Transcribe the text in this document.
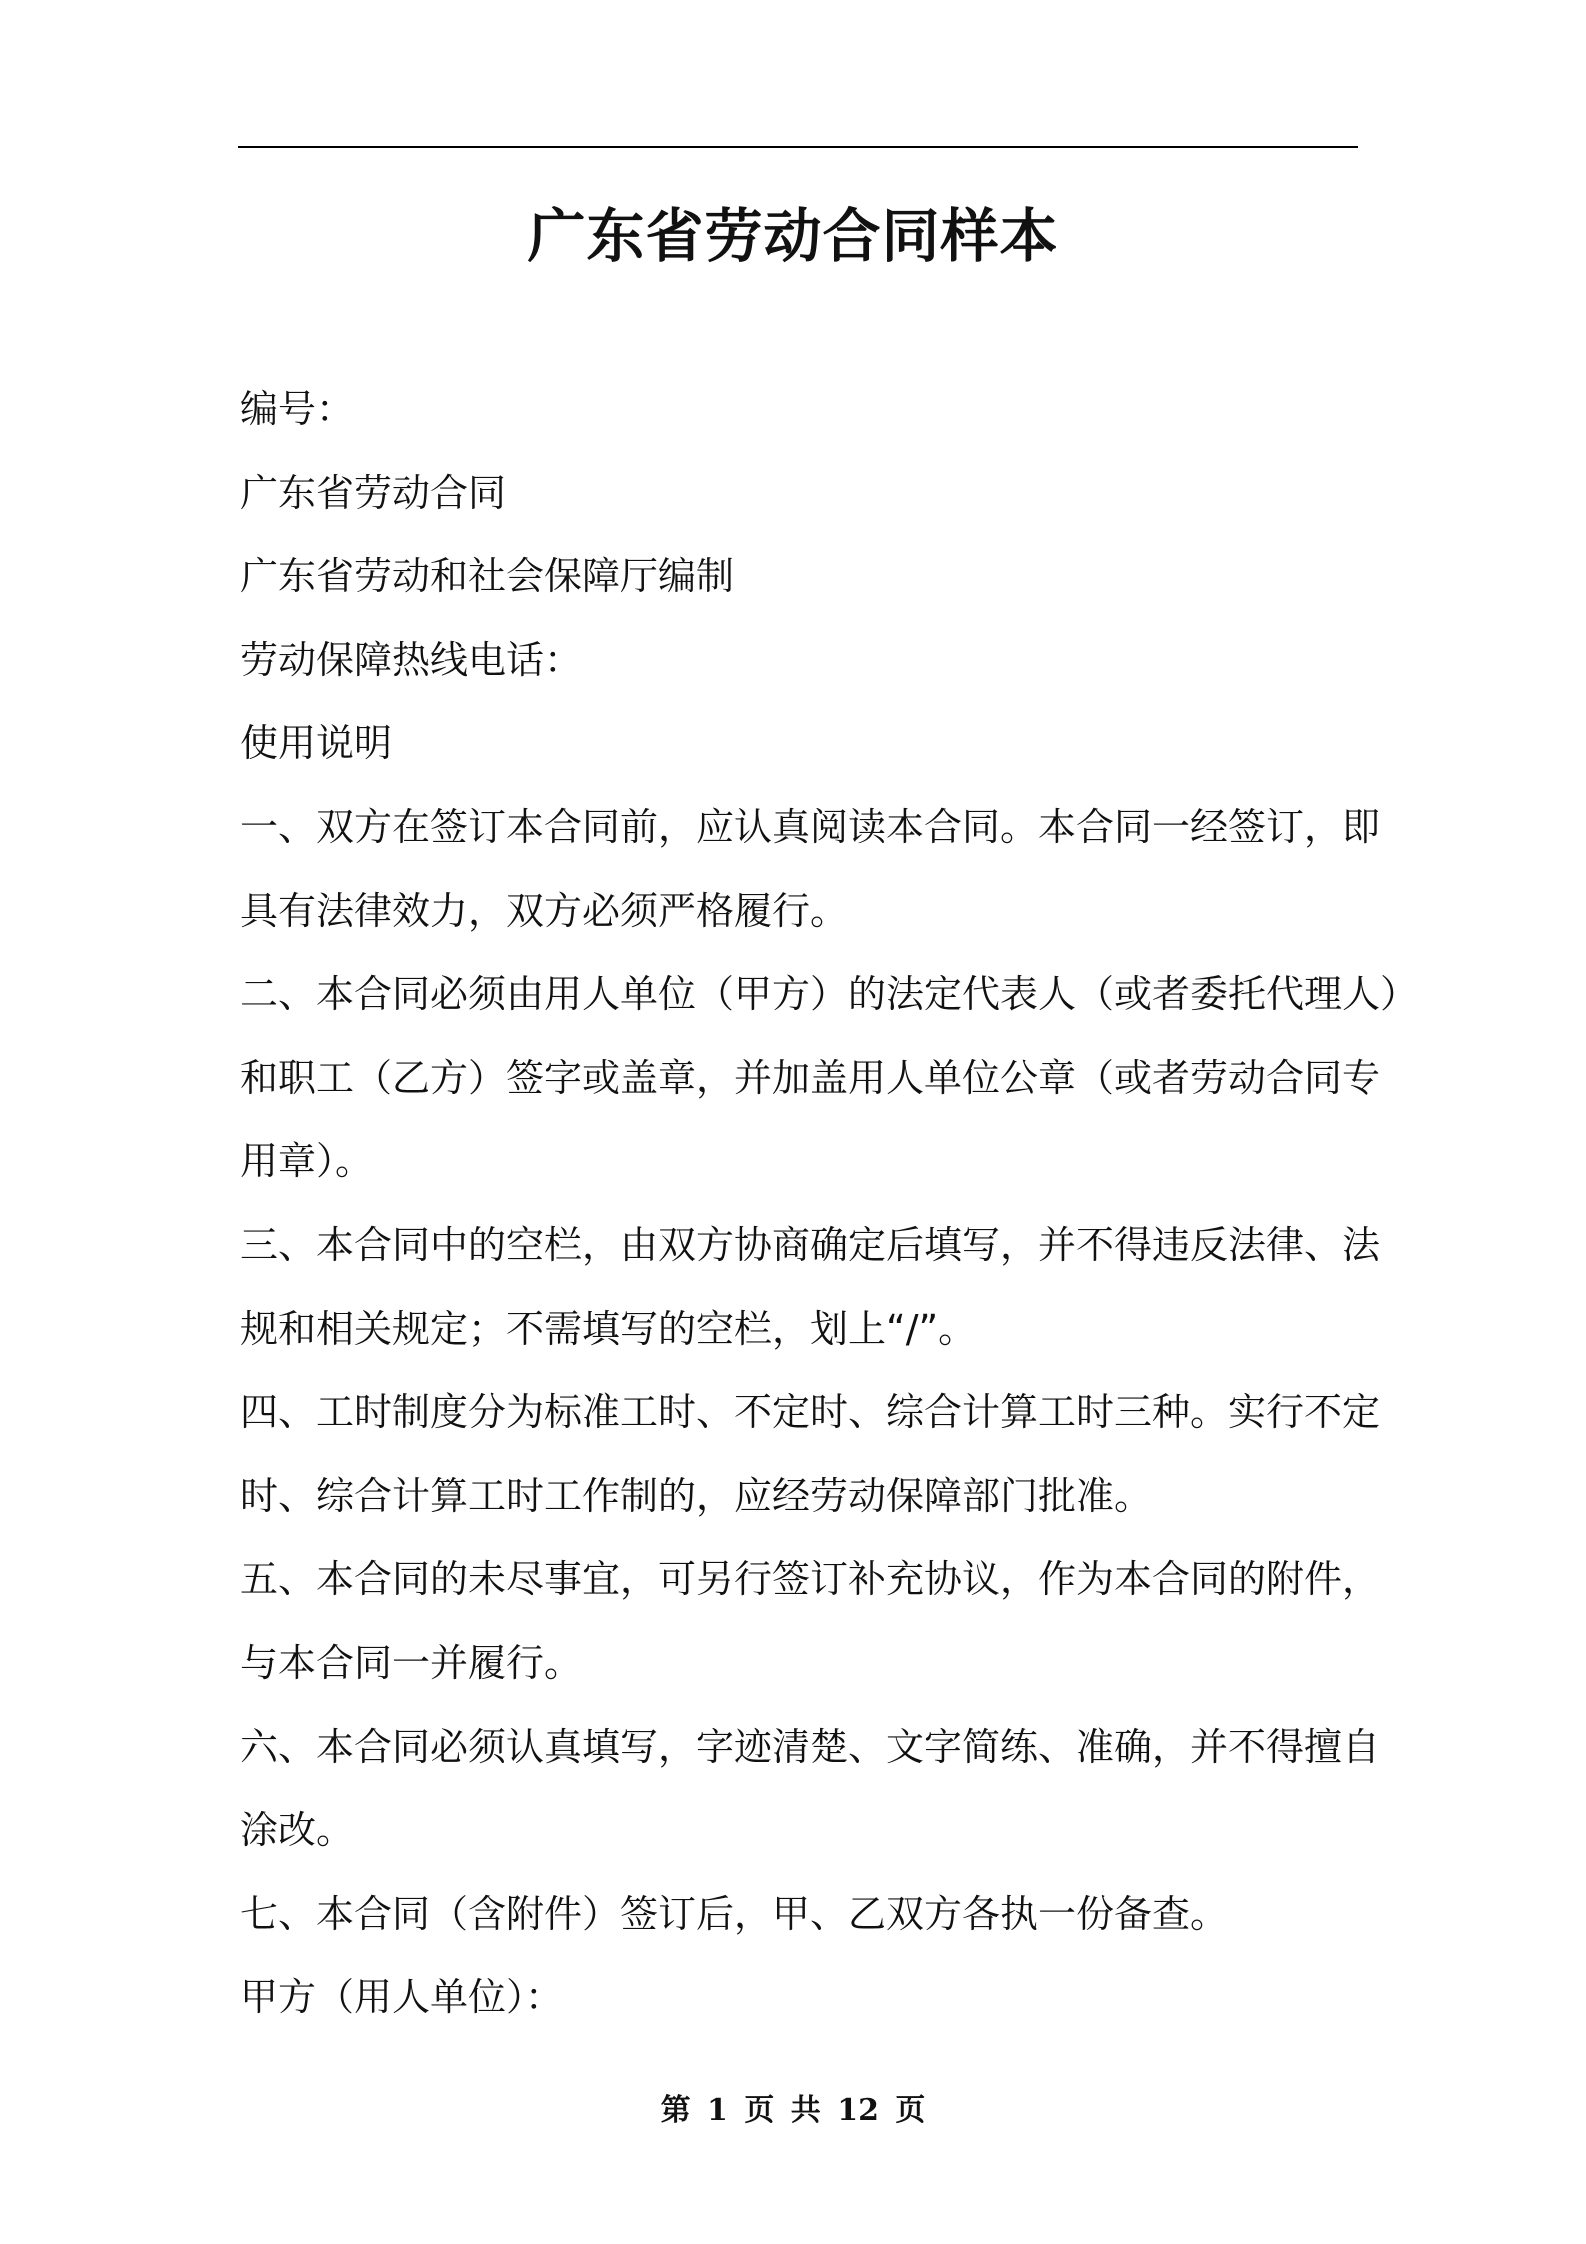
广东省劳动合同样本
编号：
广东省劳动合同
广东省劳动和社会保障厅编制
劳动保障热线电话：
使用说明
一、双方在签订本合同前，应认真阅读本合同。本合同一经签订，即
具有法律效力，双方必须严格履行。
二、本合同必须由用人单位（甲方）的法定代表人（或者委托代理人）
和职工（乙方）签字或盖章，并加盖用人单位公章（或者劳动合同专
用章）。
三、本合同中的空栏，由双方协商确定后填写，并不得违反法律、法
规和相关规定；不需填写的空栏，划上“/”。
四、工时制度分为标准工时、不定时、综合计算工时三种。实行不定
时、综合计算工时工作制的，应经劳动保障部门批准。
五、本合同的未尽事宜，可另行签订补充协议，作为本合同的附件，
与本合同一并履行。
六、本合同必须认真填写，字迹清楚、文字简练、准确，并不得擅自
涂改。
七、本合同（含附件）签订后，甲、乙双方各执一份备查。
甲方（用人单位）：
第 1 页 共 12 页
